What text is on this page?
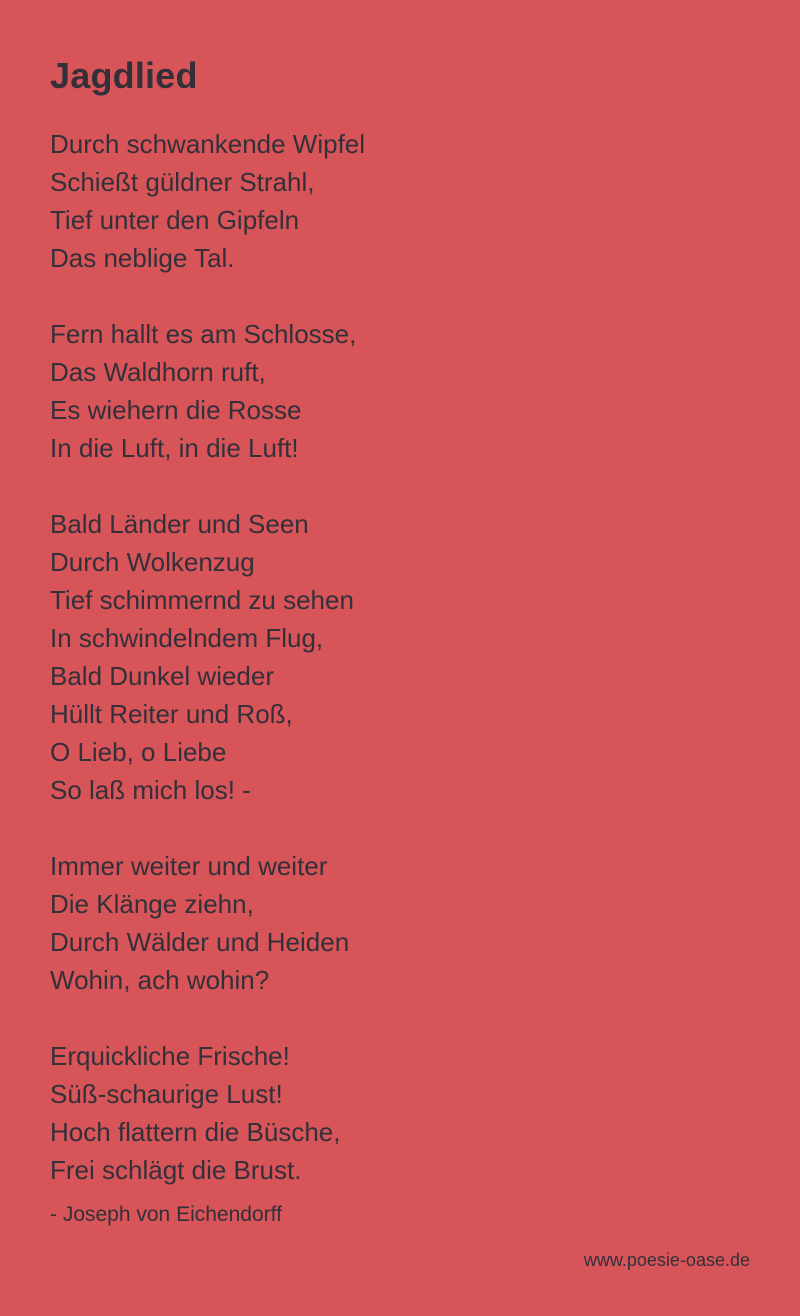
Jagdlied
Durch schwankende Wipfel
Schießt güldner Strahl,
Tief unter den Gipfeln
Das neblige Tal.
Fern hallt es am Schlosse,
Das Waldhorn ruft,
Es wiehern die Rosse
In die Luft, in die Luft!
Bald Länder und Seen
Durch Wolkenzug
Tief schimmernd zu sehen
In schwindelndem Flug,
Bald Dunkel wieder
Hüllt Reiter und Roß,
O Lieb, o Liebe
So laß mich los! -
Immer weiter und weiter
Die Klänge ziehn,
Durch Wälder und Heiden
Wohin, ach wohin?
Erquickliche Frische!
Süß-schaurige Lust!
Hoch flattern die Büsche,
Frei schlägt die Brust.

- Joseph von Eichendorff

www.poesie-oase.de
